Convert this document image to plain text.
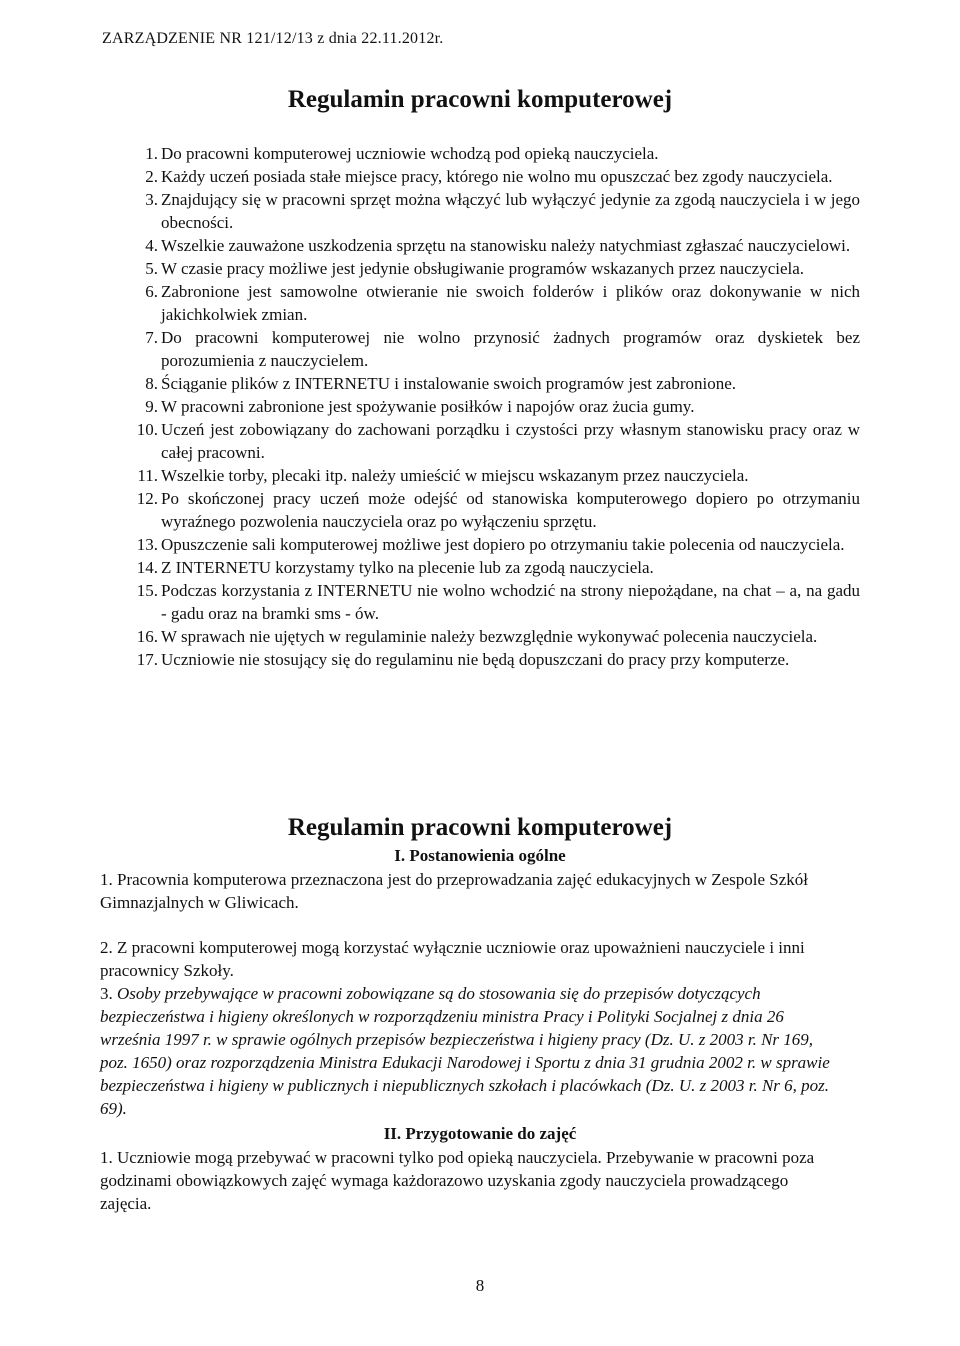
ZARZĄDZENIE NR 121/12/13 z dnia 22.11.2012r.
Regulamin pracowni komputerowej
1. Do pracowni komputerowej uczniowie wchodzą pod opieką nauczyciela.
2. Każdy uczeń posiada stałe miejsce pracy, którego nie wolno mu opuszczać bez zgody nauczyciela.
3. Znajdujący się w pracowni sprzęt można włączyć lub wyłączyć jedynie za zgodą nauczyciela i w jego obecności.
4. Wszelkie zauważone uszkodzenia sprzętu na stanowisku należy natychmiast zgłaszać nauczycielowi.
5. W czasie pracy możliwe jest jedynie obsługiwanie programów wskazanych przez nauczyciela.
6. Zabronione jest samowolne otwieranie nie swoich folderów i plików oraz dokonywanie w nich jakichkolwiek zmian.
7. Do pracowni komputerowej nie wolno przynosić żadnych programów oraz dyskietek bez porozumienia z nauczycielem.
8. Ściąganie plików z INTERNETU i instalowanie swoich programów jest zabronione.
9. W pracowni zabronione jest spożywanie posiłków i napojów oraz żucia gumy.
10. Uczeń jest zobowiązany do zachowani porządku i czystości przy własnym stanowisku pracy oraz w całej pracowni.
11. Wszelkie torby, plecaki itp. należy umieścić w miejscu wskazanym przez nauczyciela.
12. Po skończonej pracy uczeń może odejść od stanowiska komputerowego dopiero po otrzymaniu wyraźnego pozwolenia nauczyciela oraz po wyłączeniu sprzętu.
13. Opuszczenie sali komputerowej możliwe jest dopiero po otrzymaniu takie polecenia od nauczyciela.
14. Z INTERNETU korzystamy tylko na plecenie lub za zgodą nauczyciela.
15. Podczas korzystania z INTERNETU nie wolno wchodzić na strony niepożądane, na chat – a, na gadu - gadu oraz na bramki sms - ów.
16. W sprawach nie ujętych w regulaminie należy bezwzględnie wykonywać polecenia nauczyciela.
17. Uczniowie nie stosujący się do regulaminu nie będą dopuszczani do pracy przy komputerze.
Regulamin pracowni komputerowej
I. Postanowienia ogólne
1. Pracownia komputerowa przeznaczona jest do przeprowadzania zajęć edukacyjnych w Zespole Szkół Gimnazjalnych w Gliwicach.
2. Z pracowni komputerowej mogą korzystać wyłącznie uczniowie oraz upoważnieni nauczyciele i inni pracownicy Szkoły.
3. Osoby przebywające w pracowni zobowiązane są do stosowania się do przepisów dotyczących bezpieczeństwa i higieny określonych w rozporządzeniu ministra Pracy i Polityki Socjalnej z dnia 26 września 1997 r. w sprawie ogólnych przepisów bezpieczeństwa i higieny pracy (Dz. U. z 2003 r. Nr 169, poz. 1650) oraz rozporządzenia Ministra Edukacji Narodowej i Sportu z dnia 31 grudnia 2002 r. w sprawie bezpieczeństwa i higieny w publicznych i niepublicznych szkołach i placówkach (Dz. U. z 2003 r. Nr 6, poz. 69).
II. Przygotowanie do zajęć
1. Uczniowie mogą przebywać w pracowni tylko pod opieką nauczyciela. Przebywanie w pracowni poza godzinami obowiązkowych zajęć wymaga każdorazowo uzyskania zgody nauczyciela prowadzącego zajęcia.
8
